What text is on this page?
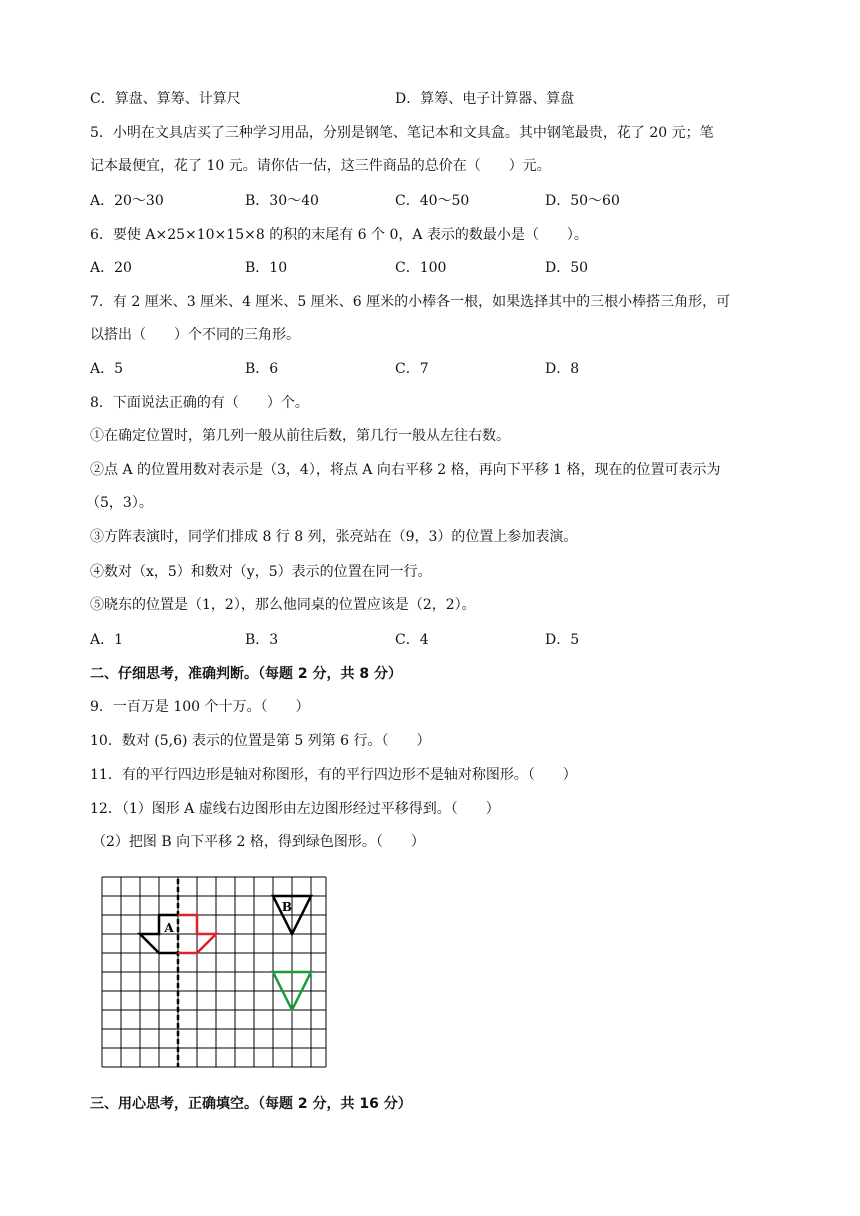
C．算盘、算筹、计算尺	D．算筹、电子计算器、算盘
5．小明在文具店买了三种学习用品，分别是钢笔、笔记本和文具盒。其中钢笔最贵，花了 20 元；笔
记本最便宜，花了 10 元。请你估一估，这三件商品的总价在（　　）元。
A．20～30	B．30～40	C．40～50	D．50～60
6．要使 A×25×10×15×8 的积的末尾有 6 个 0，A 表示的数最小是（　　）。
A．20	B．10	C．100	D．50
7．有 2 厘米、3 厘米、4 厘米、5 厘米、6 厘米的小棒各一根，如果选择其中的三根小棒搭三角形，可
以搭出（　　）个不同的三角形。
A．5	B．6	C．7	D．8
8．下面说法正确的有（　　）个。
①在确定位置时，第几列一般从前往后数，第几行一般从左往右数。
②点 A 的位置用数对表示是（3，4），将点 A 向右平移 2 格，再向下平移 1 格，现在的位置可表示为
（5，3）。
③方阵表演时，同学们排成 8 行 8 列，张亮站在（9，3）的位置上参加表演。
④数对（x，5）和数对（y，5）表示的位置在同一行。
⑤晓东的位置是（1，2），那么他同桌的位置应该是（2，2）。
A．1	B．3	C．4	D．5
二、仔细思考，准确判断。（每题 2 分，共 8 分）
9．一百万是 100 个十万。（　　）
10．数对 (5,6) 表示的位置是第 5 列第 6 行。（　　）
11．有的平行四边形是轴对称图形，有的平行四边形不是轴对称图形。（　　）
12．（1）图形 A 虚线右边图形由左边图形经过平移得到。（　　）
（2）把图 B 向下平移 2 格，得到绿色图形。（　　）
A
B
三、用心思考，正确填空。（每题 2 分，共 16 分）
